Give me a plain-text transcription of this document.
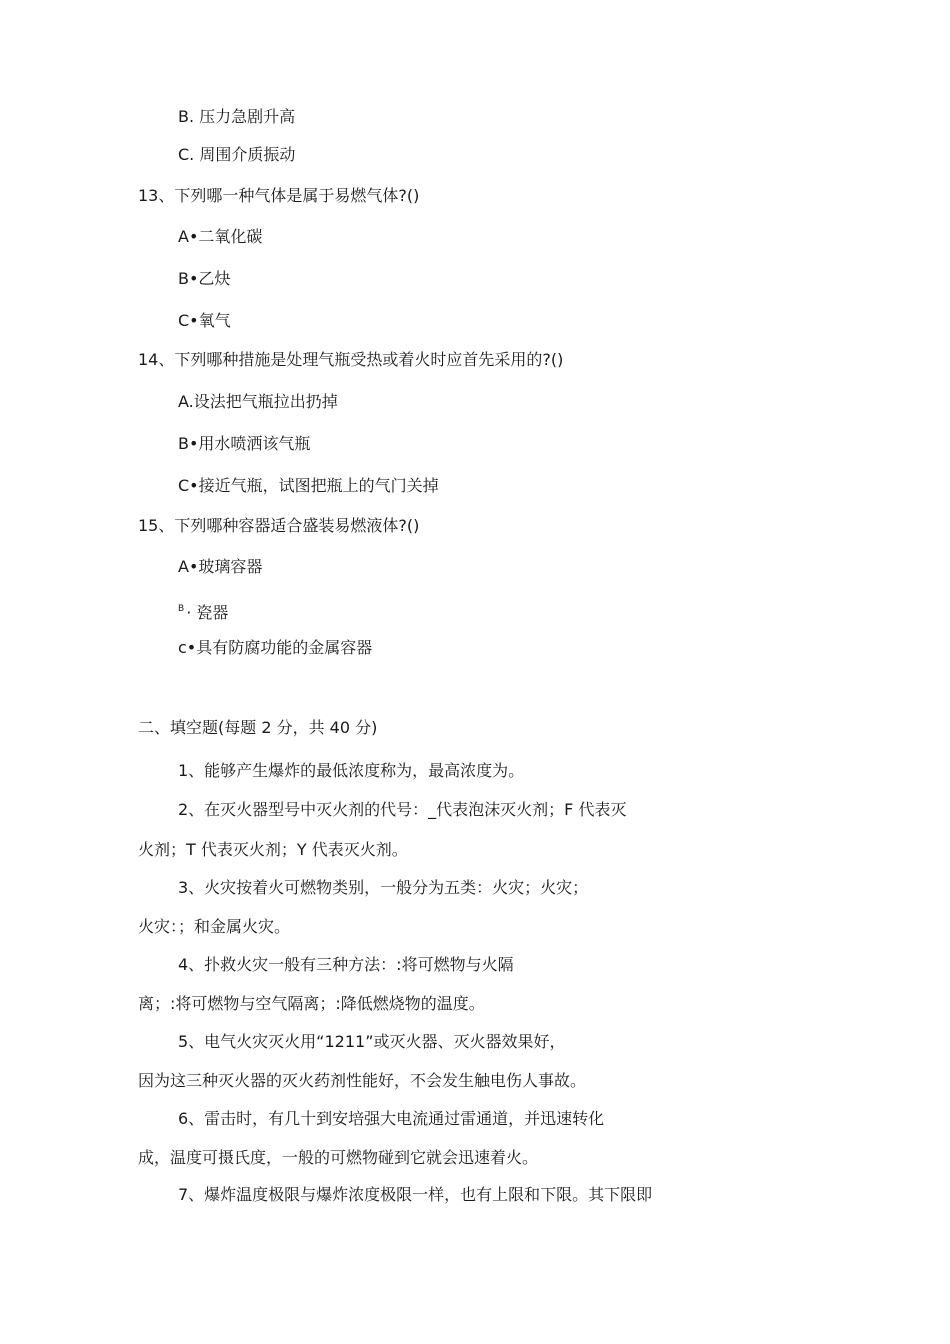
B. 压力急剧升高
C. 周围介质振动
13、下列哪一种气体是属于易燃气体?()
A•二氧化碳
B•乙炔
C•氧气
14、下列哪种措施是处理气瓶受热或着火时应首先采用的?()
A.设法把气瓶拉出扔掉
B•用水喷洒该气瓶
C•接近气瓶，试图把瓶上的气门关掉
15、下列哪种容器适合盛装易燃液体?()
A•玻璃容器
$^B$ · 瓷器
c•具有防腐功能的金属容器
二、填空题(每题 2 分，共 40 分)
1、能够产生爆炸的最低浓度称为，最高浓度为。
2、在灭火器型号中灭火剂的代号：_代表泡沫灭火剂；F 代表灭
火剂；T 代表灭火剂；Y 代表灭火剂。
3、火灾按着火可燃物类别，一般分为五类：火灾；火灾；
火灾：；和金属火灾。
4、扑救火灾一般有三种方法：:将可燃物与火隔
离；:将可燃物与空气隔离；:降低燃烧物的温度。
5、电气火灾灭火用“1211”或灭火器、灭火器效果好，
因为这三种灭火器的灭火药剂性能好，不会发生触电伤人事故。
6、雷击时，有几十到安培强大电流通过雷通道，并迅速转化
成，温度可摄氏度，一般的可燃物碰到它就会迅速着火。
7、爆炸温度极限与爆炸浓度极限一样，也有上限和下限。其下限即
